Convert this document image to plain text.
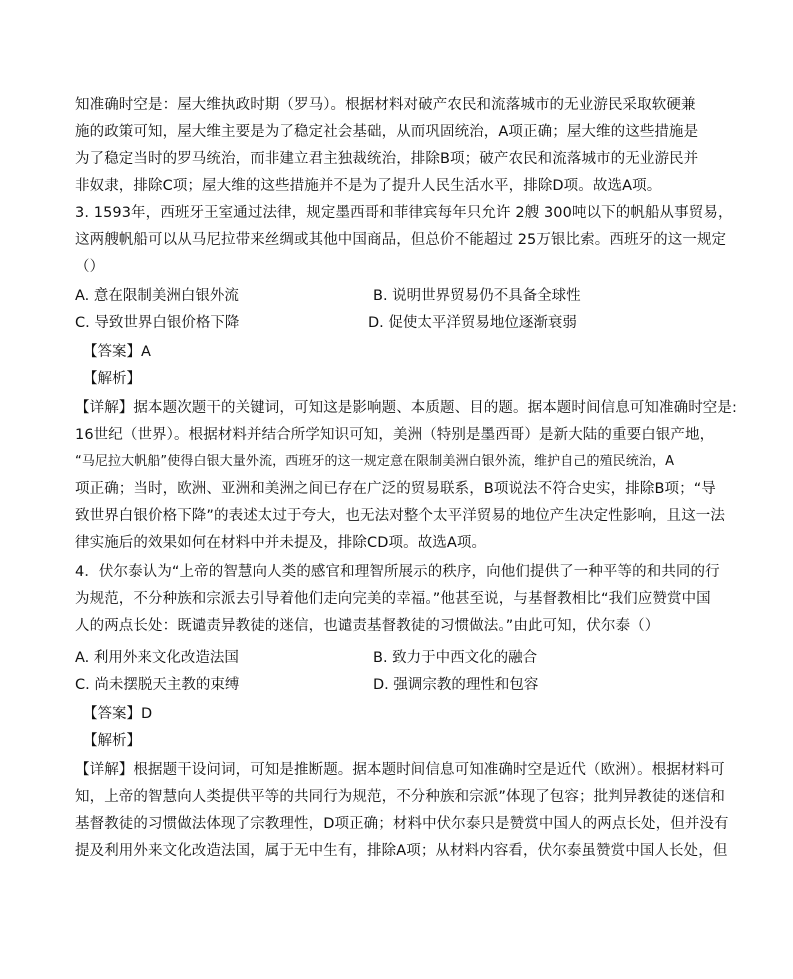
知准确时空是：屋大维执政时期（罗马）。根据材料对破产农民和流落城市的无业游民采取软硬兼
施的政策可知，屋大维主要是为了稳定社会基础，从而巩固统治，A项正确；屋大维的这些措施是
为了稳定当时的罗马统治，而非建立君主独裁统治，排除B项；破产农民和流落城市的无业游民并
非奴隶，排除C项；屋大维的这些措施并不是为了提升人民生活水平，排除D项。故选A项。
3. 1593年，西班牙王室通过法律，规定墨西哥和菲律宾每年只允许 2艘 300吨以下的帆船从事贸易，
这两艘帆船可以从马尼拉带来丝绸或其他中国商品，但总价不能超过 25万银比索。西班牙的这一规定
（）
A. 意在限制美洲白银外流	B. 说明世界贸易仍不具备全球性
C. 导致世界白银价格下降	D. 促使太平洋贸易地位逐渐衰弱
【答案】A
【解析】
【详解】据本题次题干的关键词，可知这是影响题、本质题、目的题。据本题时间信息可知准确时空是:
16世纪（世界）。根据材料并结合所学知识可知，美洲（特别是墨西哥）是新大陆的重要白银产地，
“马尼拉大帆船”使得白银大量外流，西班牙的这一规定意在限制美洲白银外流，维护自己的殖民统治，A
项正确；当时，欧洲、亚洲和美洲之间已存在广泛的贸易联系，B项说法不符合史实，排除B项；“导
致世界白银价格下降”的表述太过于夸大，也无法对整个太平洋贸易的地位产生决定性影响，且这一法
律实施后的效果如何在材料中并未提及，排除CD项。故选A项。
4．伏尔泰认为“上帝的智慧向人类的感官和理智所展示的秩序，向他们提供了一种平等的和共同的行
为规范，不分种族和宗派去引导着他们走向完美的幸福。”他甚至说，与基督教相比“我们应赞赏中国
人的两点长处：既谴责异教徒的迷信，也谴责基督教徒的习惯做法。”由此可知，伏尔泰（）
A. 利用外来文化改造法国	B. 致力于中西文化的融合
C. 尚未摆脱天主教的束缚	D. 强调宗教的理性和包容
【答案】D
【解析】
【详解】根据题干设问词，可知是推断题。据本题时间信息可知准确时空是近代（欧洲）。根据材料可
知，上帝的智慧向人类提供平等的共同行为规范，不分种族和宗派”体现了包容；批判异教徒的迷信和
基督教徒的习惯做法体现了宗教理性，D项正确；材料中伏尔泰只是赞赏中国人的两点长处，但并没有
提及利用外来文化改造法国，属于无中生有，排除A项；从材料内容看，伏尔泰虽赞赏中国人长处，但
